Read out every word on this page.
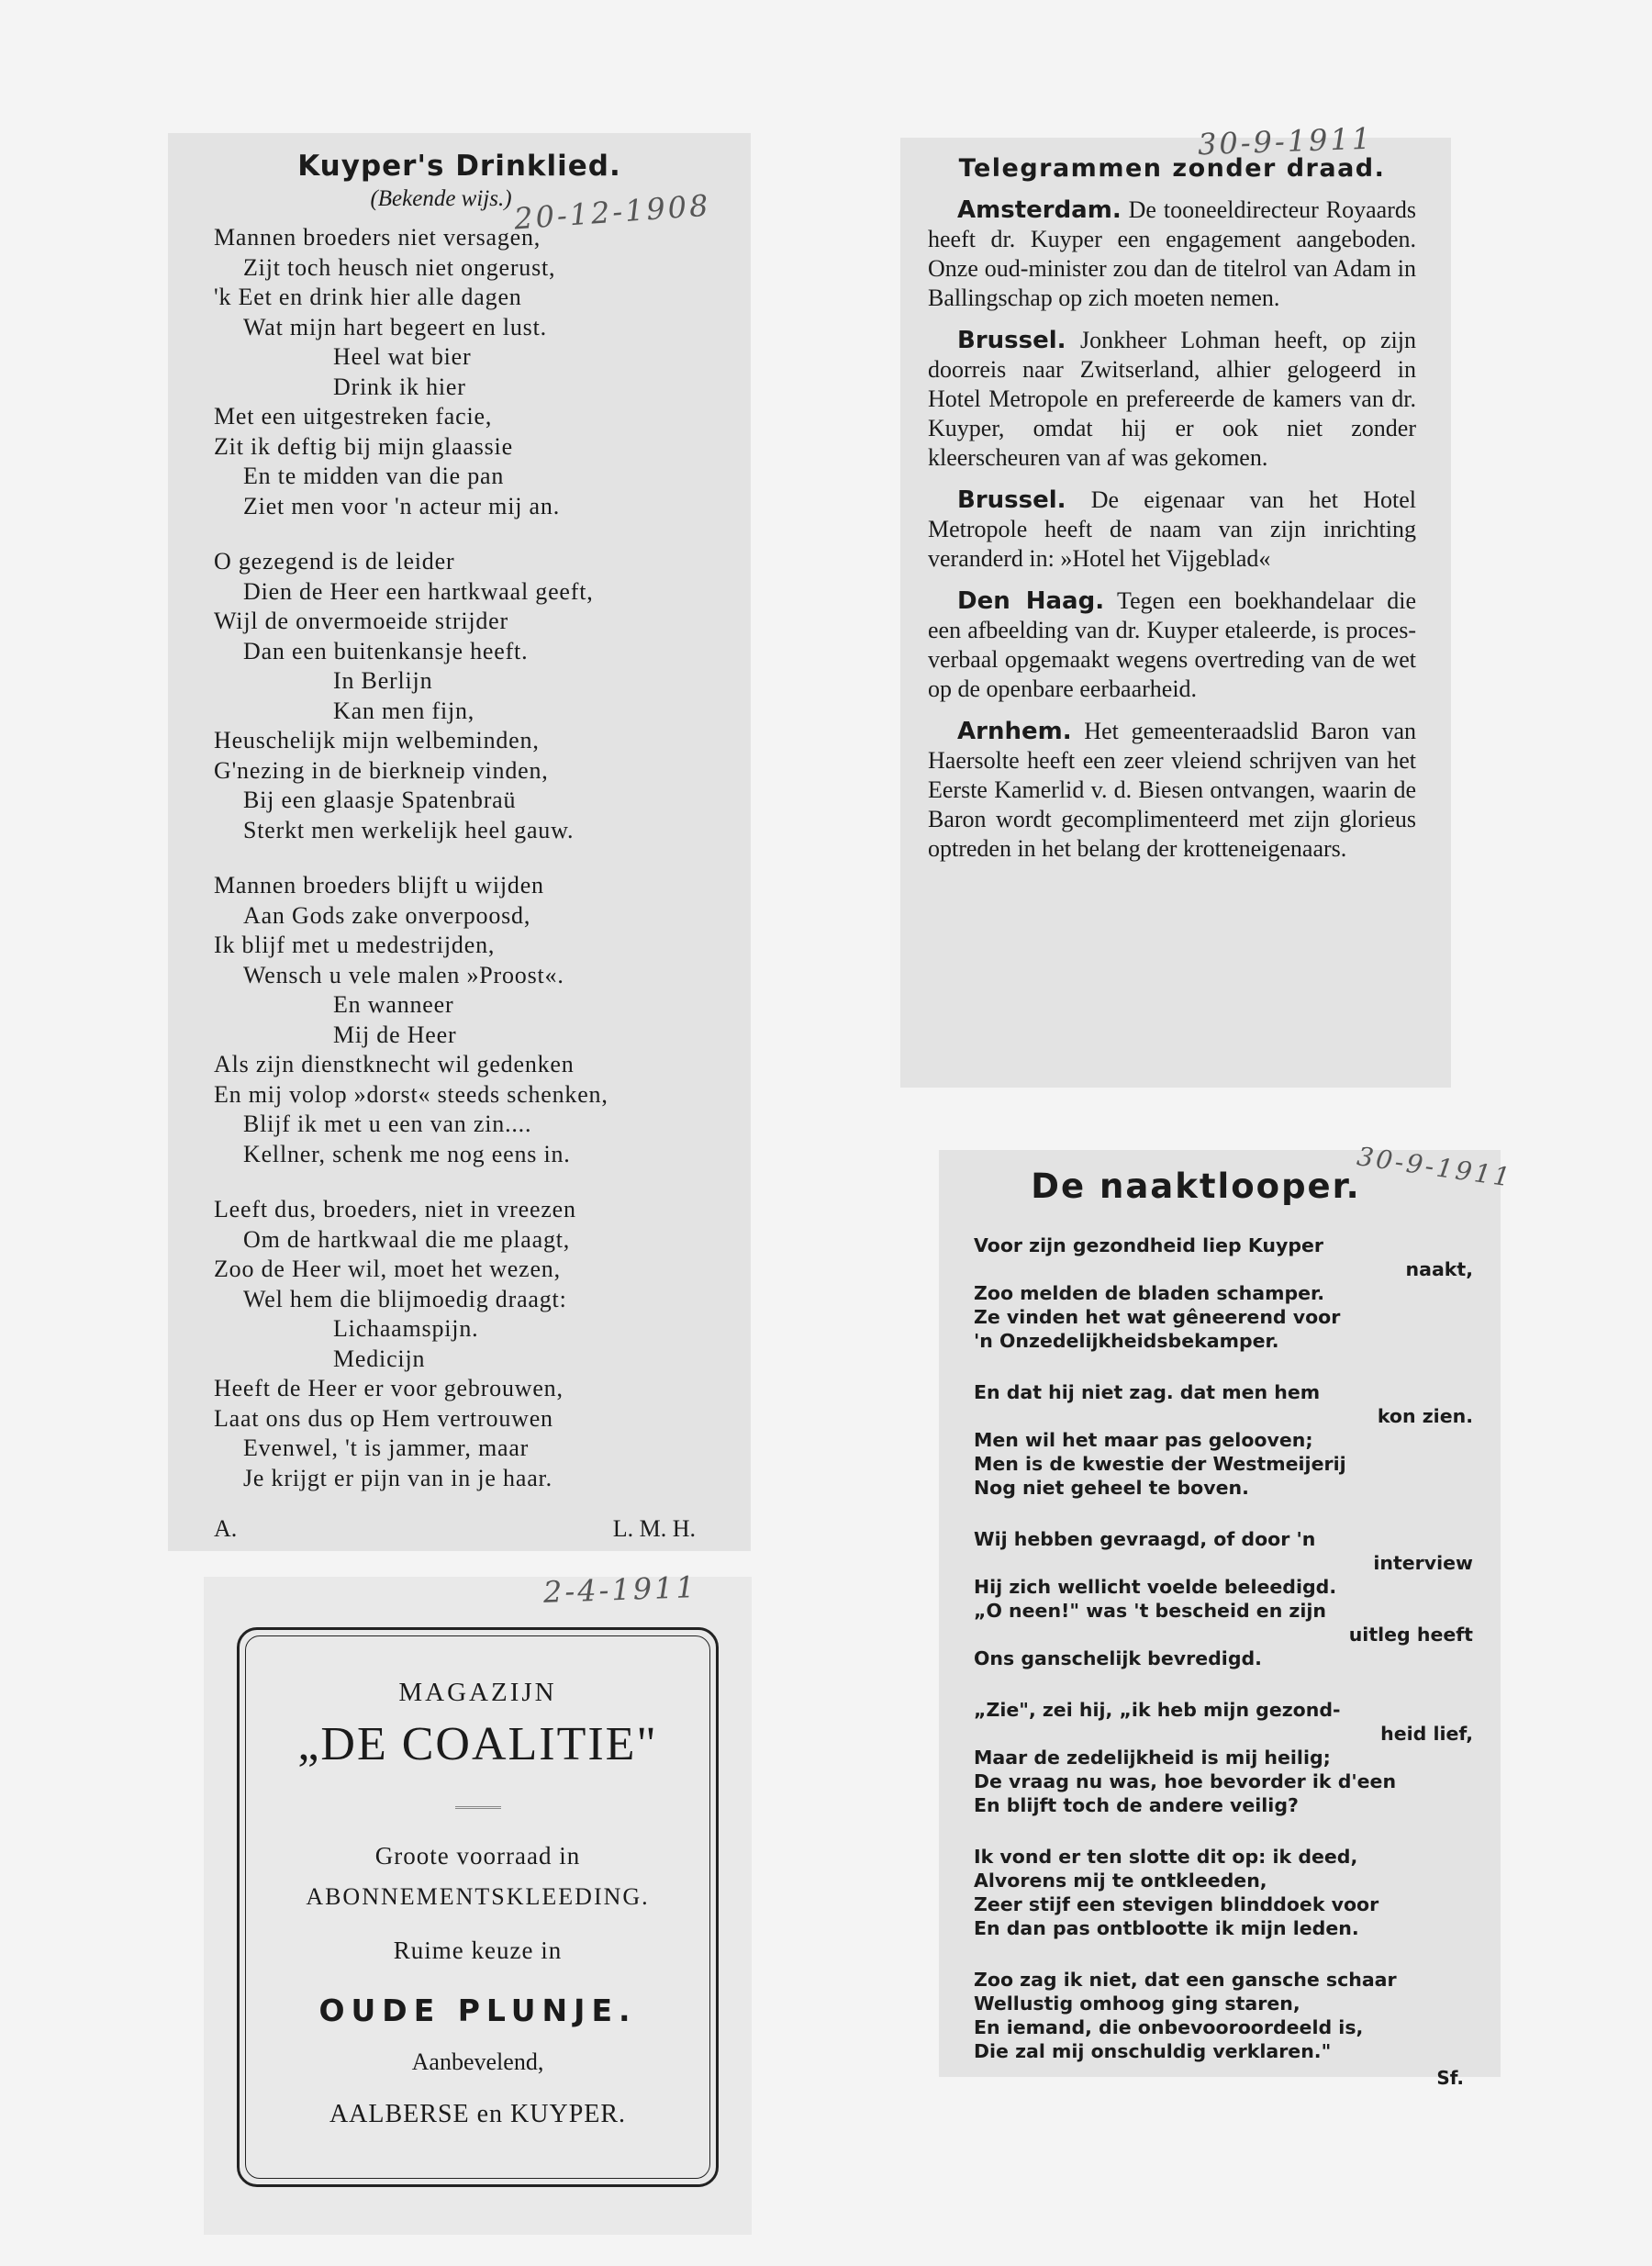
Kuyper's Drinklied.
(Bekende wijs.)
Mannen broeders niet versagen,
Zijt toch heusch niet ongerust,
'k Eet en drink hier alle dagen
Wat mijn hart begeert en lust.
Heel wat bier
Drink ik hier
Met een uitgestreken facie,
Zit ik deftig bij mijn glaassie
En te midden van die pan
Ziet men voor 'n acteur mij an.
O gezegend is de leider
Dien de Heer een hartkwaal geeft,
Wijl de onvermoeide strijder
Dan een buitenkansje heeft.
In Berlijn
Kan men fijn,
Heuschelijk mijn welbeminden,
G'nezing in de bierkneip vinden,
Bij een glaasje Spatenbraü
Sterkt men werkelijk heel gauw.
Mannen broeders blijft u wijden
Aan Gods zake onverpoosd,
Ik blijf met u medestrijden,
Wensch u vele malen »Proost«.
En wanneer
Mij de Heer
Als zijn dienstknecht wil gedenken
En mij volop »dorst« steeds schenken,
Blijf ik met u een van zin....
Kellner, schenk me nog eens in.
Leeft dus, broeders, niet in vreezen
Om de hartkwaal die me plaagt,
Zoo de Heer wil, moet het wezen,
Wel hem die blijmoedig draagt:
Lichaamspijn.
Medicijn
Heeft de Heer er voor gebrouwen,
Laat ons dus op Hem vertrouwen
Evenwel, 't is jammer, maar
Je krijgt er pijn van in je haar.
A.	L. M. H.
20-12-1908
Telegrammen zonder draad.
Amsterdam. De tooneeldirecteur Royaards heeft dr. Kuyper een engagement aangeboden. Onze oud-minister zou dan de titelrol van Adam in Ballingschap op zich moeten nemen.
Brussel. Jonkheer Lohman heeft, op zijn doorreis naar Zwitserland, alhier gelogeerd in Hotel Metropole en prefereerde de kamers van dr. Kuyper, omdat hij er ook niet zonder kleerscheuren van af was gekomen.
Brussel. De eigenaar van het Hotel Metropole heeft de naam van zijn inrichting veranderd in: »Hotel het Vijgeblad«
Den Haag. Tegen een boekhandelaar die een afbeelding van dr. Kuyper etaleerde, is proces-verbaal opgemaakt wegens overtreding van de wet op de openbare eerbaarheid.
Arnhem. Het gemeenteraadslid Baron van Haersolte heeft een zeer vleiend schrijven van het Eerste Kamerlid v. d. Biesen ontvangen, waarin de Baron wordt gecomplimenteerd met zijn glorieus optreden in het belang der krotteneigenaars.
30-9-1911
De naaktlooper.
Voor zijn gezondheid liep Kuyper
naakt,
Zoo melden de bladen schamper.
Ze vinden het wat gêneerend voor
'n Onzedelijkheidsbekamper.
En dat hij niet zag. dat men hem
kon zien.
Men wil het maar pas gelooven;
Men is de kwestie der Westmeijerij
Nog niet geheel te boven.
Wij hebben gevraagd, of door 'n
interview
Hij zich wellicht voelde beleedigd.
„O neen!" was 't bescheid en zijn
uitleg heeft
Ons ganschelijk bevredigd.
„Zie", zei hij, „ik heb mijn gezond-
heid lief,
Maar de zedelijkheid is mij heilig;
De vraag nu was, hoe bevorder ik d'een
En blijft toch de andere veilig?
Ik vond er ten slotte dit op: ik deed,
Alvorens mij te ontkleeden,
Zeer stijf een stevigen blinddoek voor
En dan pas ontblootte ik mijn leden.
Zoo zag ik niet, dat een gansche schaar
Wellustig omhoog ging staren,
En iemand, die onbevooroordeeld is,
Die zal mij onschuldig verklaren."
Sf.
30-9-1911
MAGAZIJN
„DE COALITIE"
Groote voorraad in
ABONNEMENTSKLEEDING.
Ruime keuze in
OUDE PLUNJE.
Aanbevelend,
AALBERSE en KUYPER.
2-4-1911
